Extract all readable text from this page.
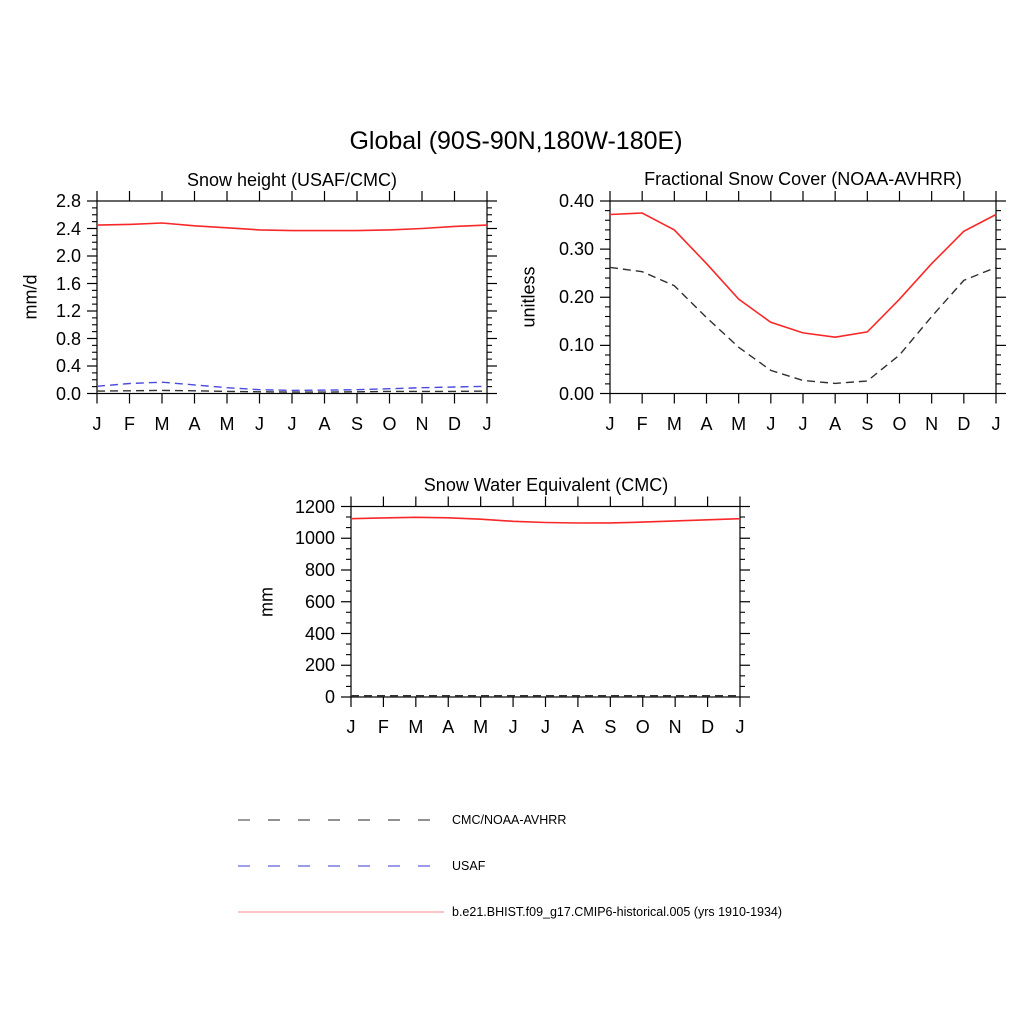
Global (90S-90N,180W-180E)
Snow height (USAF/CMC)	Fractional Snow Cover (NOAA-AVHRR)
Snow Water Equivalent (CMC)
mm/d	unitless
mm
CMC/NOAA-AVHRR
USAF
b.e21.BHIST.f09_g17.CMIP6-historical.005 (yrs 1910-1934)
J	F	M	A	M	J	J	A	S	O	N	D	J
0.0
0.4
0.8
1.2
1.6
2.0
2.4
2.8
J	F	M	A	M	J	J	A	S	O	N	D	J
0.00
0.10
0.20
0.30
0.40
J	F	M	A	M	J	J	A	S	O	N	D	J
0
200
400
600
800
1000
1200
